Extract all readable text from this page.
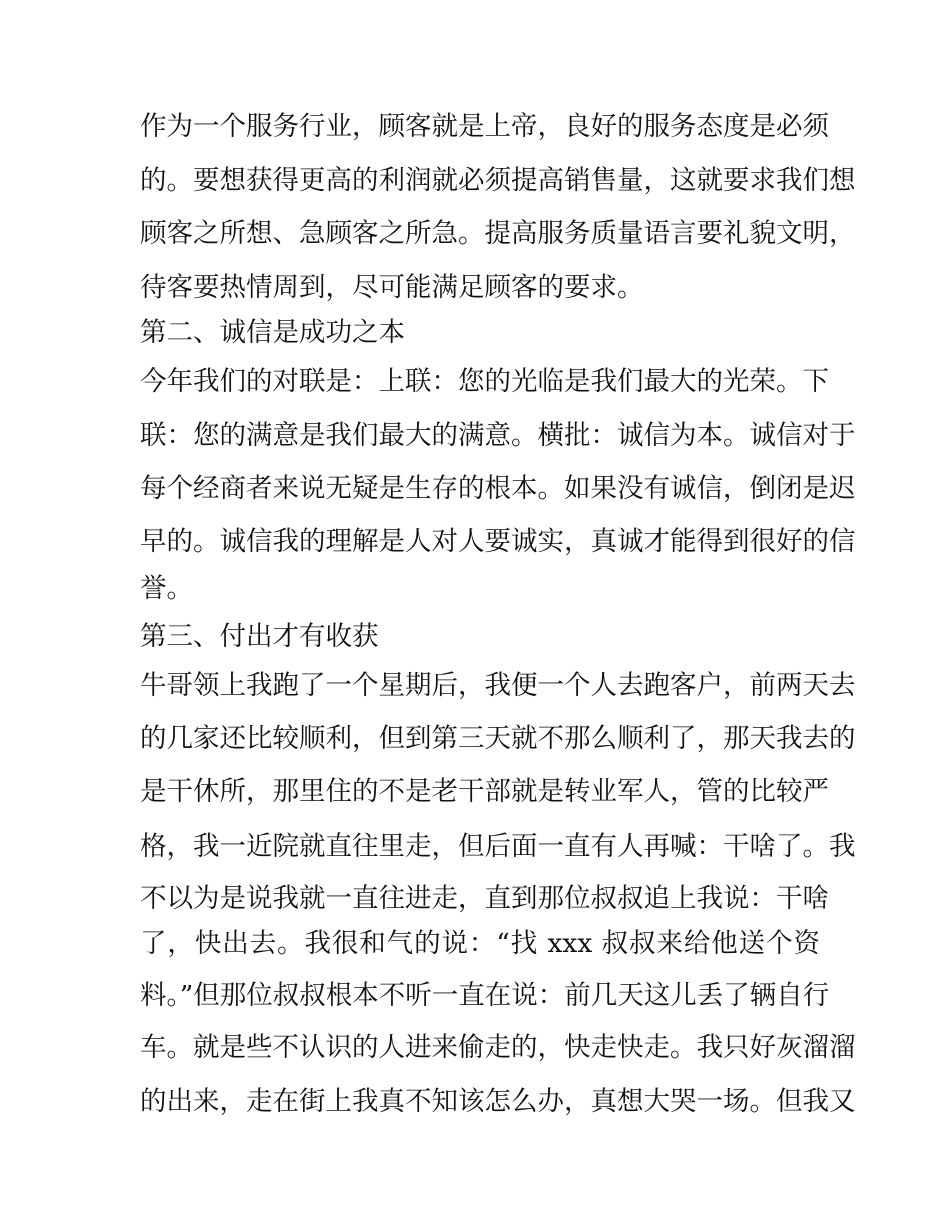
作为一个服务行业，顾客就是上帝，良好的服务态度是必须
的。要想获得更高的利润就必须提高销售量，这就要求我们想
顾客之所想、急顾客之所急。提高服务质量语言要礼貌文明，
待客要热情周到，尽可能满足顾客的要求。
第二、诚信是成功之本
今年我们的对联是：上联：您的光临是我们最大的光荣。下
联：您的满意是我们最大的满意。横批：诚信为本。诚信对于
每个经商者来说无疑是生存的根本。如果没有诚信，倒闭是迟
早的。诚信我的理解是人对人要诚实，真诚才能得到很好的信
誉。
第三、付出才有收获
牛哥领上我跑了一个星期后，我便一个人去跑客户，前两天去
的几家还比较顺利，但到第三天就不那么顺利了，那天我去的
是干休所，那里住的不是老干部就是转业军人，管的比较严
格，我一近院就直往里走，但后面一直有人再喊：干啥了。我
不以为是说我就一直往进走，直到那位叔叔追上我说：干啥
了，快出去。我很和气的说：“找 xxx 叔叔来给他送个资
料。”但那位叔叔根本不听一直在说：前几天这儿丢了辆自行
车。就是些不认识的人进来偷走的，快走快走。我只好灰溜溜
的出来，走在街上我真不知该怎么办，真想大哭一场。但我又
